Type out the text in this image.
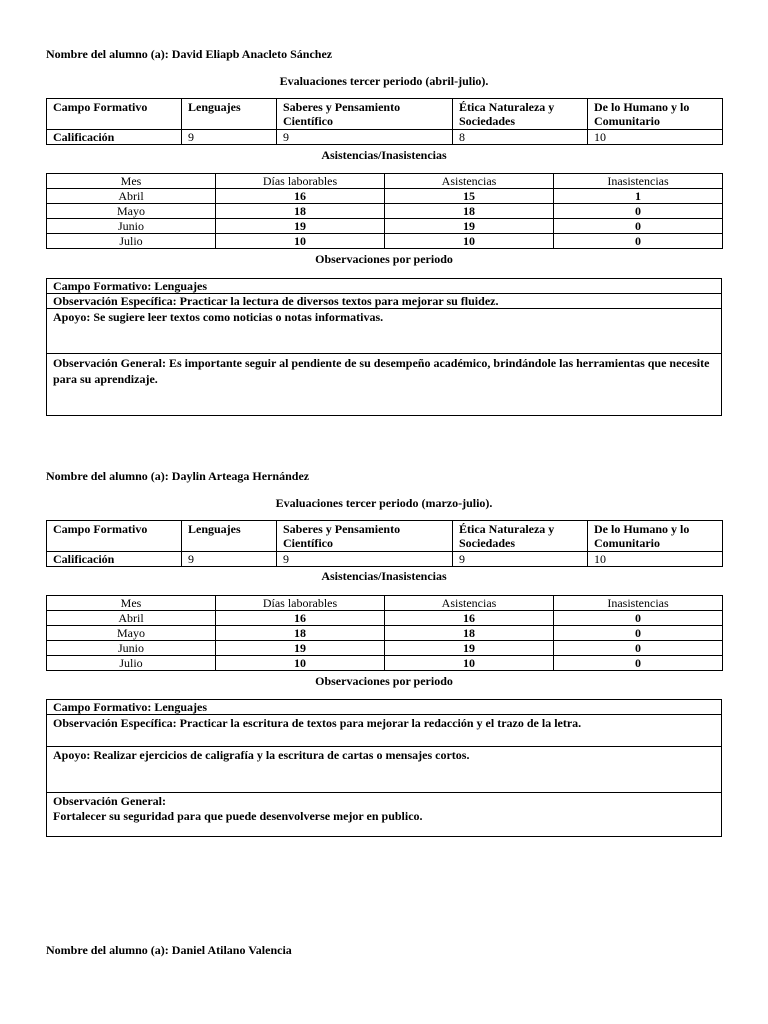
Nombre del alumno (a): David Eliapb Anacleto Sánchez
Evaluaciones tercer periodo (abril-julio).
Campo Formativo	Lenguajes	Saberes y Pensamiento Científico	Ética Naturaleza y Sociedades	De lo Humano y lo Comunitario
Calificación	9	9	8	10
Asistencias/Inasistencias
Mes	Días laborables	Asistencias	Inasistencias
Abril	16	15	1
Mayo	18	18	0
Junio	19	19	0
Julio	10	10	0
Observaciones por periodo
Campo Formativo: Lenguajes
Observación Específica: Practicar la lectura de diversos textos para mejorar su fluidez.
Apoyo: Se sugiere leer textos como noticias o notas informativas.
Observación General: Es importante seguir al pendiente de su desempeño académico, brindándole las herramientas que necesite para su aprendizaje.
Nombre del alumno (a): Daylin Arteaga Hernández
Evaluaciones tercer periodo (marzo-julio).
Campo Formativo	Lenguajes	Saberes y Pensamiento Científico	Ética Naturaleza y Sociedades	De lo Humano y lo Comunitario
Calificación	9	9	9	10
Asistencias/Inasistencias
Mes	Días laborables	Asistencias	Inasistencias
Abril	16	16	0
Mayo	18	18	0
Junio	19	19	0
Julio	10	10	0
Observaciones por periodo
Campo Formativo: Lenguajes
Observación Específica: Practicar la escritura de textos para mejorar la redacción y el trazo de la letra.
Apoyo: Realizar ejercicios de caligrafía y la escritura de cartas o mensajes cortos.

Observación General:
Fortalecer su seguridad para que puede desenvolverse mejor en publico.
Nombre del alumno (a): Daniel Atilano Valencia
